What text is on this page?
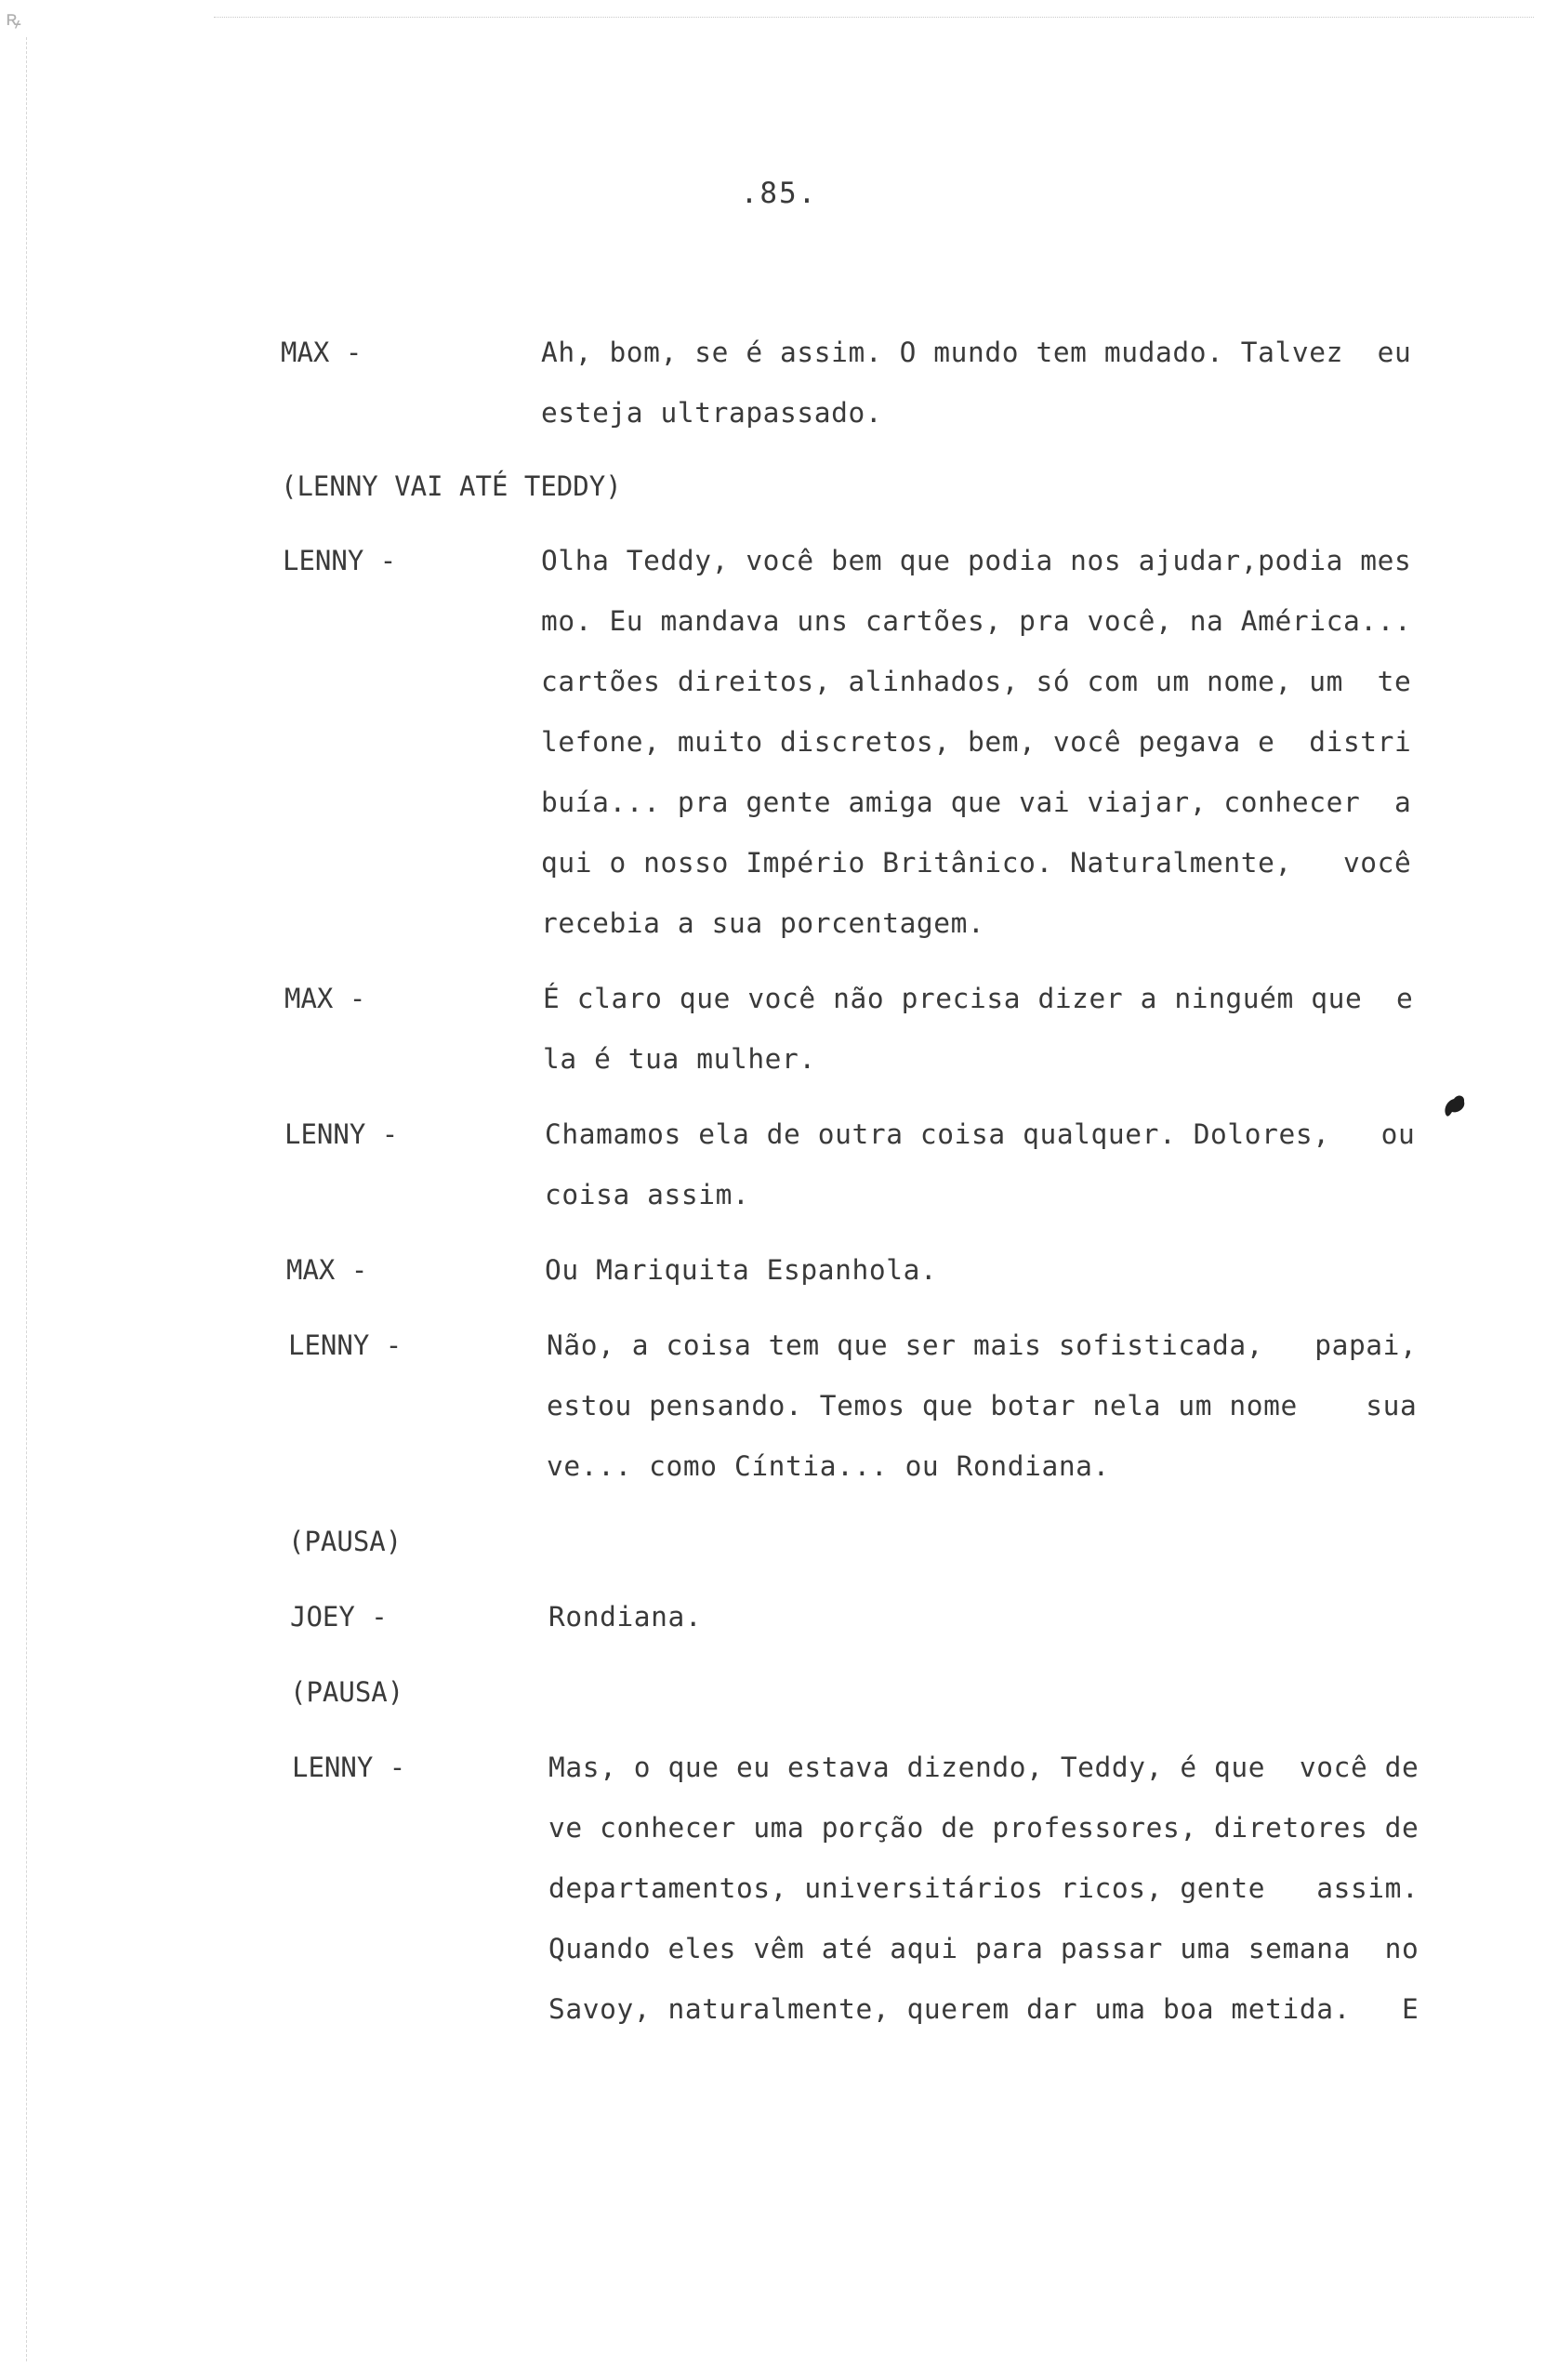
ꝶ
.85.
MAX -	Ah, bom, se é assim. O mundo tem mudado. Talvez  eu
esteja ultrapassado.
(LENNY VAI ATÉ TEDDY)
LENNY -	Olha Teddy, você bem que podia nos ajudar,podia mes
mo. Eu mandava uns cartões, pra você, na América...
cartões direitos, alinhados, só com um nome, um  te
lefone, muito discretos, bem, você pegava e  distri
buía... pra gente amiga que vai viajar, conhecer  a
qui o nosso Império Britânico. Naturalmente,   você
recebia a sua porcentagem.
MAX -	É claro que você não precisa dizer a ninguém que  e
la é tua mulher.
LENNY -	Chamamos ela de outra coisa qualquer. Dolores,   ou
coisa assim.
MAX -	Ou Mariquita Espanhola.
LENNY -	Não, a coisa tem que ser mais sofisticada,   papai,
estou pensando. Temos que botar nela um nome    sua
ve... como Cíntia... ou Rondiana.
(PAUSA)
JOEY -	Rondiana.
(PAUSA)
LENNY -	Mas, o que eu estava dizendo, Teddy, é que  você de
ve conhecer uma porção de professores, diretores de
departamentos, universitários ricos, gente   assim.
Quando eles vêm até aqui para passar uma semana  no
Savoy, naturalmente, querem dar uma boa metida.   E
